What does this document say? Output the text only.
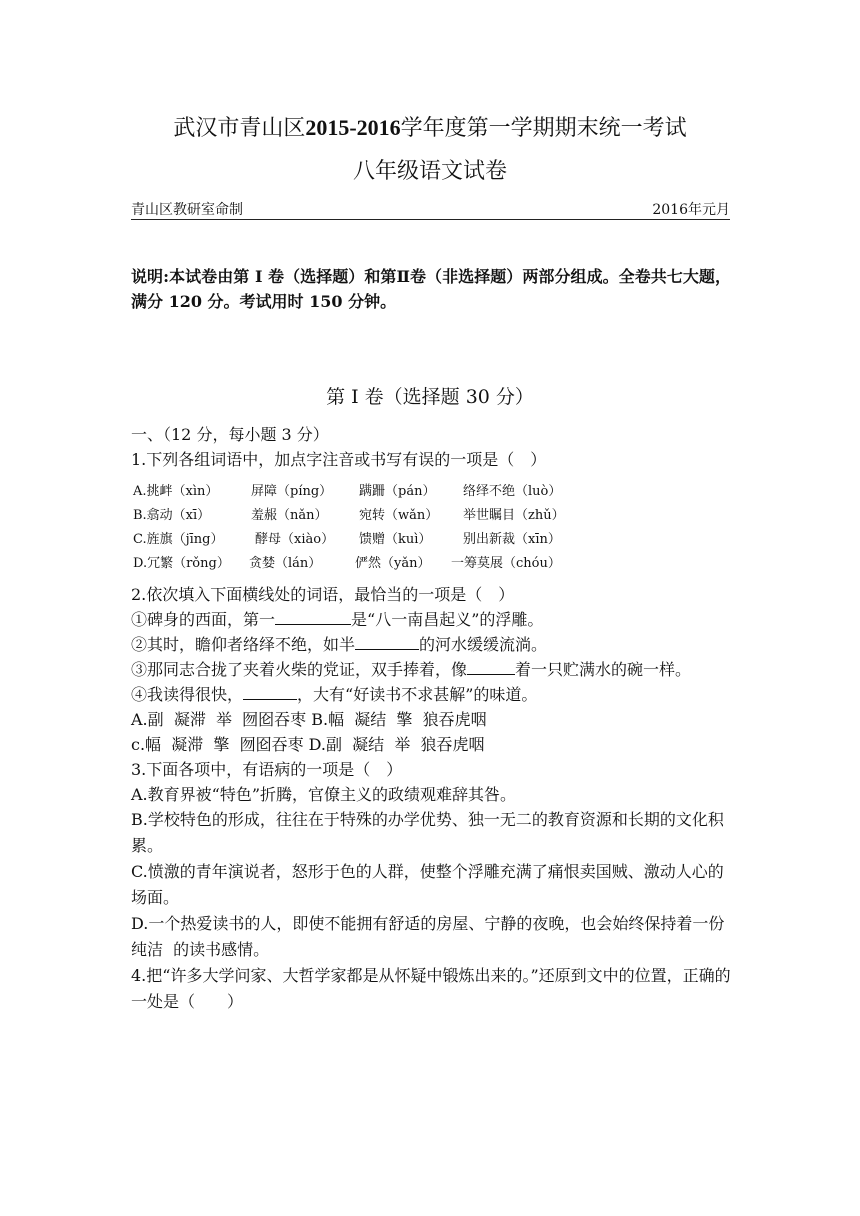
武汉市青山区2015-2016学年度第一学期期末统一考试
八年级语文试卷
青山区教研室命制	2016年元月
说明:本试卷由第 I 卷（选择题）和第Ⅱ卷（非选择题）两部分组成。全卷共七大题，满分 120 分。考试用时 150 分钟。
第 I 卷（选择题 30 分）
一、（12 分，每小题 3 分）
1.下列各组词语中，加点字注音或书写有误的一项是（　）
A.挑衅（xìn）	屏障（píng） 蹒跚（pán） 络绎不绝（luò）
B.翕动（xī）	羞赧（nǎn） 宛转（wǎn） 举世瞩目（zhǔ）
C.旌旗（jīng） 酵母（xiào） 馈赠（kuì） 别出新裁（xīn）
D.冗繁（rǒng） 贪婪（lán）	俨然（yǎn） 一筹莫展（chóu）
2.依次填入下面横线处的词语，最恰当的一项是（　）
①碑身的西面，第一	是“八一南昌起义”的浮雕。
②其时，瞻仰者络绎不绝，如半	的河水缓缓流淌。
③那同志合拢了夹着火柴的党证，双手捧着，像	着一只贮满水的碗一样。
④我读得很快，	，大有“好读书不求甚解”的味道。
A.副  凝滞  举  囫囵吞枣 B.幅  凝结  擎  狼吞虎咽
c.幅  凝滞  擎  囫囵吞枣 D.副  凝结  举  狼吞虎咽
3.下面各项中，有语病的一项是（　）
A.教育界被“特色”折腾，官僚主义的政绩观难辞其咎。
B.学校特色的形成，往往在于特殊的办学优势、独一无二的教育资源和长期的文化积累。
C.愤激的青年演说者，怒形于色的人群，使整个浮雕充满了痛恨卖国贼、激动人心的场面。
D.一个热爱读书的人，即使不能拥有舒适的房屋、宁静的夜晚，也会始终保持着一份纯洁  的读书感情。
4.把“许多大学问家、大哲学家都是从怀疑中锻炼出来的。”还原到文中的位置，正确的一处是（　　）
